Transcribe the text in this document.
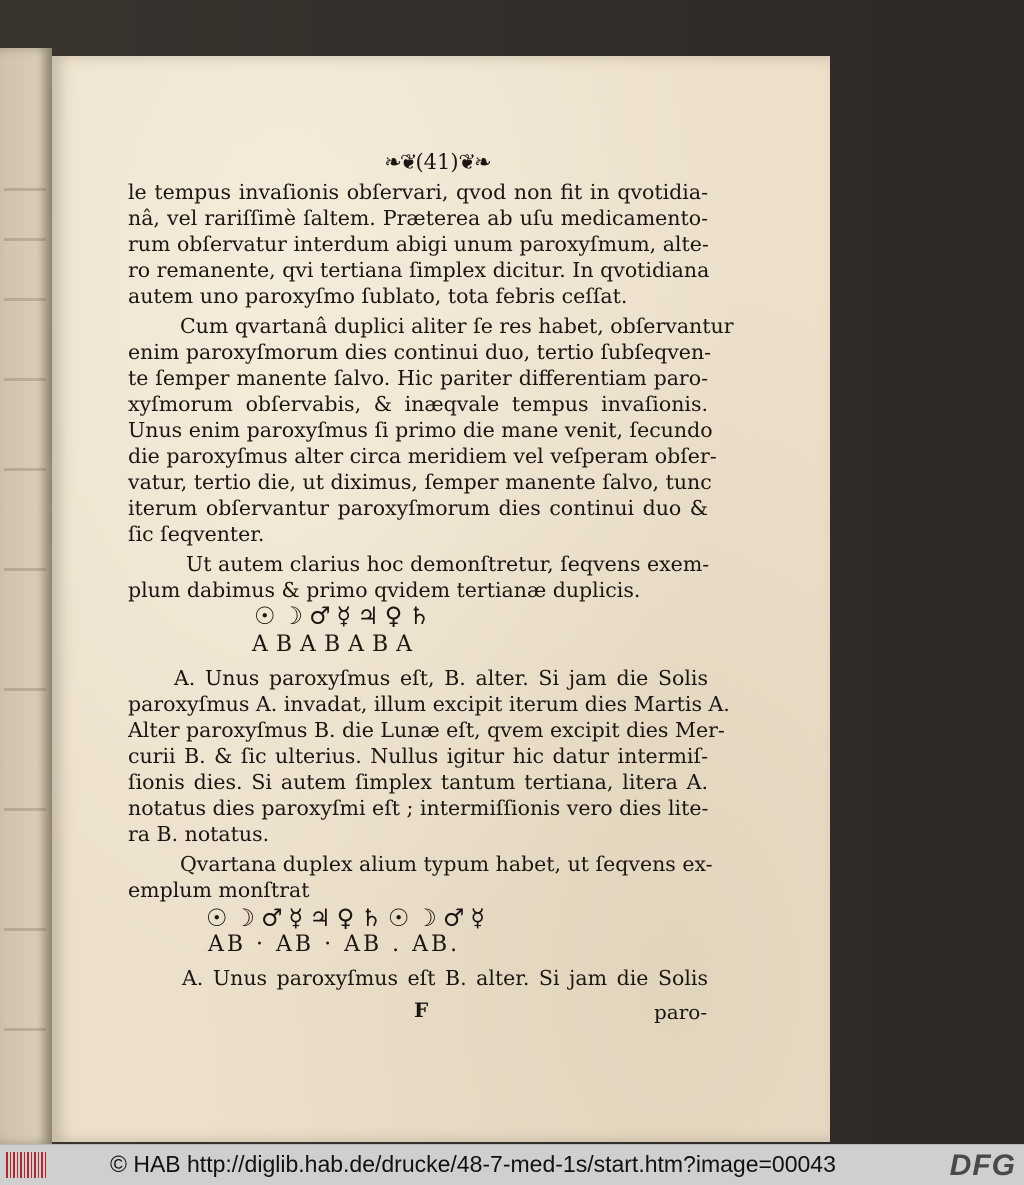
❧❦(41)❦❧
le tempus invaſionis obſervari, qvod non fit in qvotidia-
nâ, vel rariſſimè ſaltem. Præterea ab uſu medicamento-
rum obſervatur interdum abigi unum paroxyſmum, alte-
ro remanente, qvi tertiana ſimplex dicitur. In qvotidiana
autem uno paroxyſmo ſublato, tota febris ceſſat.
Cum qvartanâ duplici aliter ſe res habet, obſervantur
enim paroxyſmorum dies continui duo, tertio ſubſeqven-
te ſemper manente ſalvo. Hic pariter differentiam paro-
xyſmorum obſervabis, & inæqvale tempus invaſionis.
Unus enim paroxyſmus ſi primo die mane venit, ſecundo
die paroxyſmus alter circa meridiem vel veſperam obſer-
vatur, tertio die, ut diximus, ſemper manente ſalvo, tunc
iterum obſervantur paroxyſmorum dies continui duo &
ſic ſeqventer.
Ut autem clarius hoc demonſtretur, ſeqvens exem-
plum dabimus & primo qvidem tertianæ duplicis.
☉☽♂☿♃♀♄
ABABABA
A. Unus paroxyſmus eſt, B. alter. Si jam die Solis
paroxyſmus A. invadat, illum excipit iterum dies Martis A.
Alter paroxyſmus B. die Lunæ eſt, qvem excipit dies Mer-
curii B. & ſic ulterius. Nullus igitur hic datur intermiſ-
ſionis dies. Si autem ſimplex tantum tertiana, litera A.
notatus dies paroxyſmi eſt ; intermiſſionis vero dies lite-
ra B. notatus.
Qvartana duplex alium typum habet, ut ſeqvens ex-
emplum monſtrat
☉☽♂☿♃♀♄☉☽♂☿
AB · AB · AB . AB.
A. Unus paroxyſmus eſt B. alter. Si jam die Solis
F	paro-
© HAB http://diglib.hab.de/drucke/48-7-med-1s/start.htm?image=00043	DFG
